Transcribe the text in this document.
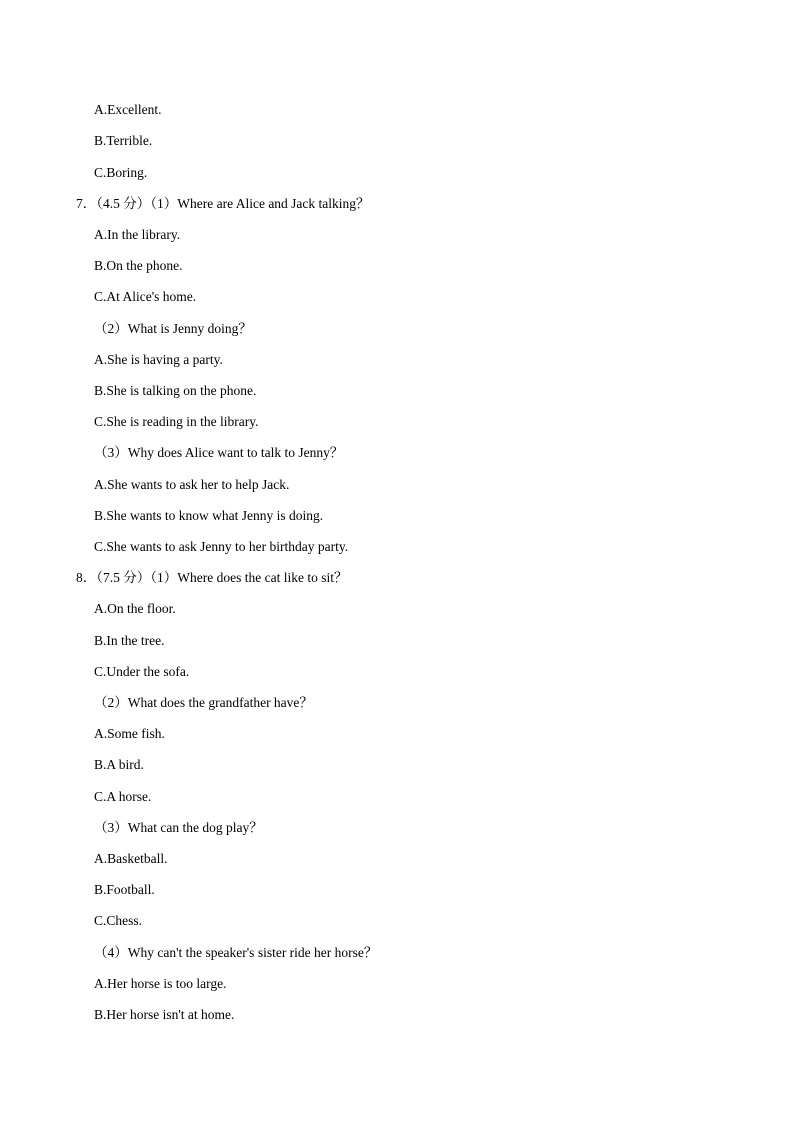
A.Excellent.
B.Terrible.
C.Boring.
7．（4.5 分）（1）Where are Alice and Jack talking？
A.In the library.
B.On the phone.
C.At Alice's home.
（2）What is Jenny doing？
A.She is having a party.
B.She is talking on the phone.
C.She is reading in the library.
（3）Why does Alice want to talk to Jenny？
A.She wants to ask her to help Jack.
B.She wants to know what Jenny is doing.
C.She wants to ask Jenny to her birthday party.
8．（7.5 分）（1）Where does the cat like to sit？
A.On the floor.
B.In the tree.
C.Under the sofa.
（2）What does the grandfather have？
A.Some fish.
B.A bird.
C.A horse.
（3）What can the dog play？
A.Basketball.
B.Football.
C.Chess.
（4）Why can't the speaker's sister ride her horse？
A.Her horse is too large.
B.Her horse isn't at home.
